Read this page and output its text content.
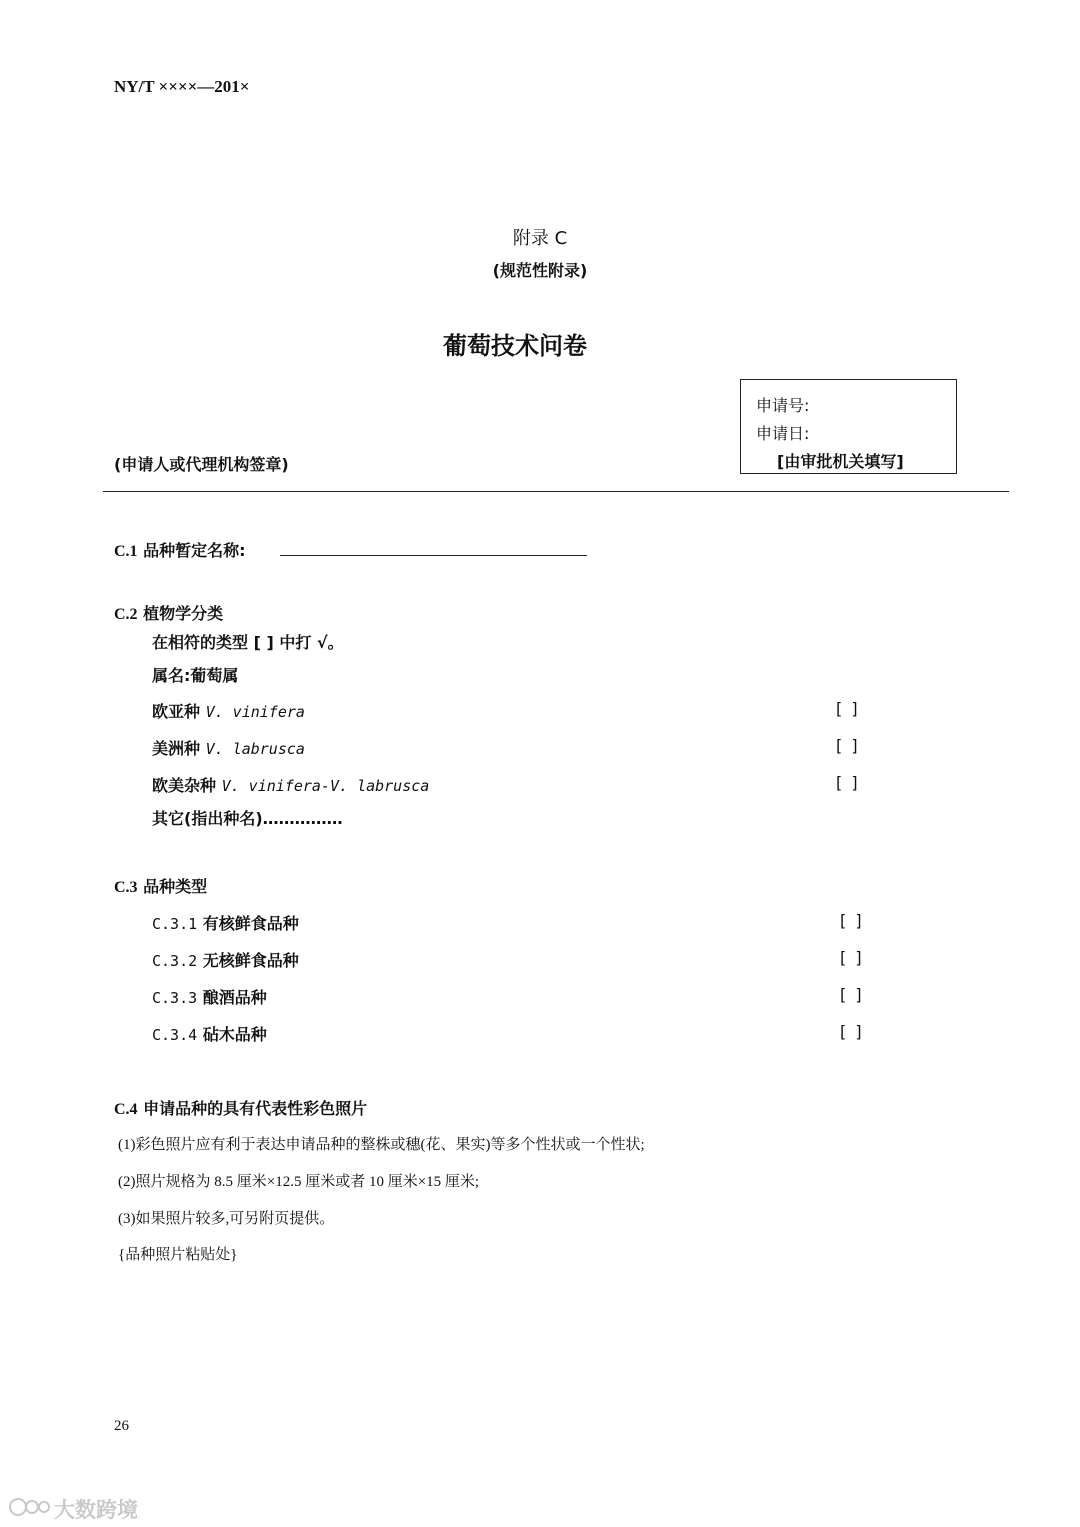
NY/T ××××—201×
附录 C
(规范性附录)
葡萄技术问卷
申请号:
申请日:
[由审批机关填写]
(申请人或代理机构签章)
C.1 品种暂定名称:
C.2 植物学分类
在相符的类型 [ ] 中打 √。
属名:葡萄属
欧亚种 V. vinifera	[ ]
美洲种 V. labrusca	[ ]
欧美杂种 V. vinifera-V. labrusca	[ ]
其它(指出种名)……………
C.3 品种类型
C.3.1 有核鲜食品种	[ ]
C.3.2 无核鲜食品种	[ ]
C.3.3 酿酒品种	[ ]
C.3.4 砧木品种	[ ]
C.4 申请品种的具有代表性彩色照片
(1)彩色照片应有利于表达申请品种的整株或穗(花、果实)等多个性状或一个性状;
(2)照片规格为 8.5 厘米×12.5 厘米或者 10 厘米×15 厘米;
(3)如果照片较多,可另附页提供。
{品种照片粘贴处}
26
大数跨境
